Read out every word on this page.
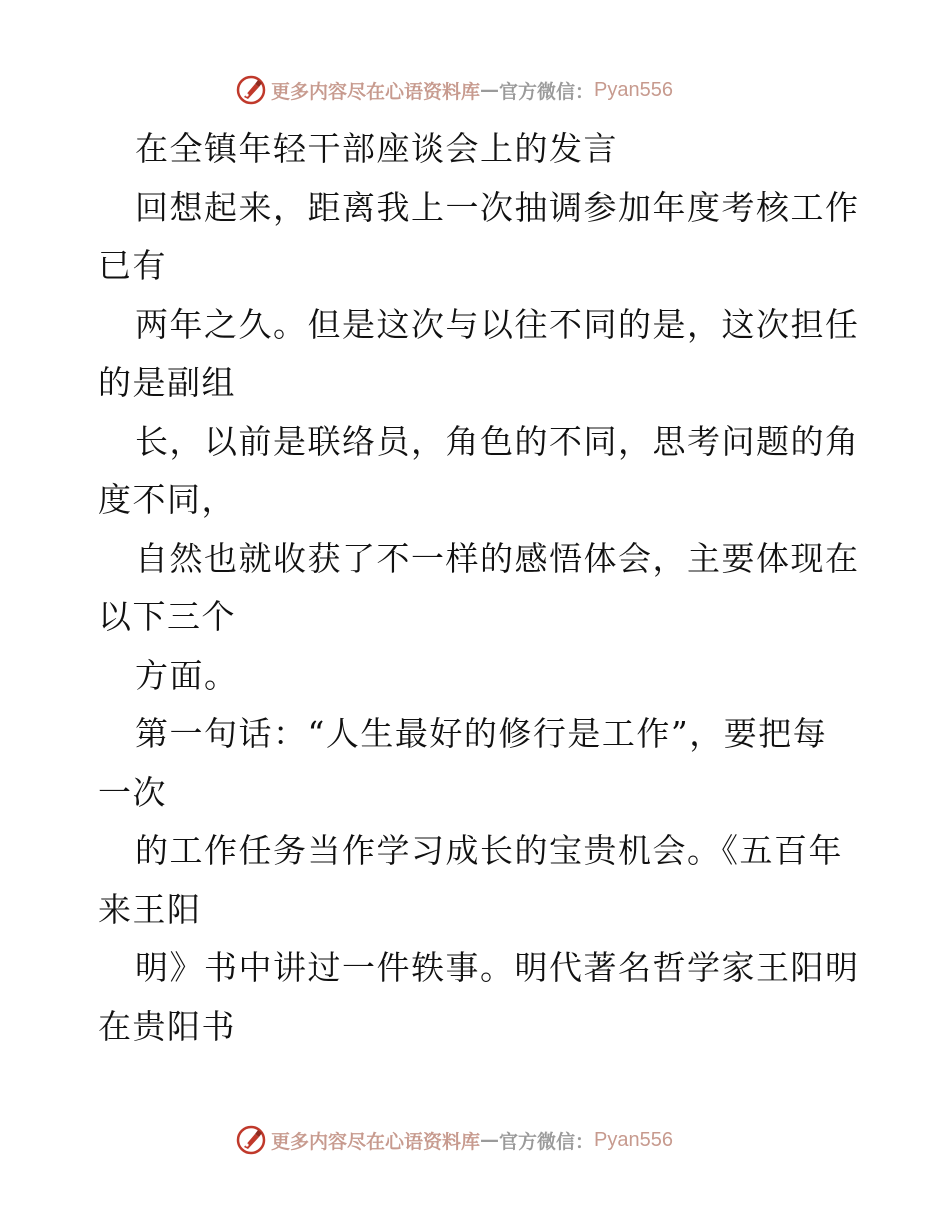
更多内容尽在心语资料库 — 官方微信： Pyan556
在全镇年轻干部座谈会上的发言
回想起来，距离我上一次抽调参加年度考核工作
已有
两年之久。但是这次与以往不同的是，这次担任
的是副组
长，以前是联络员，角色的不同，思考问题的角
度不同，
自然也就收获了不一样的感悟体会，主要体现在
以下三个
方面。
第一句话：“人生最好的修行是工作”，要把每
一次
的工作任务当作学习成长的宝贵机会。《五百年
来王阳
明》书中讲过一件轶事。明代著名哲学家王阳明
在贵阳书
更多内容尽在心语资料库 — 官方微信： Pyan556
